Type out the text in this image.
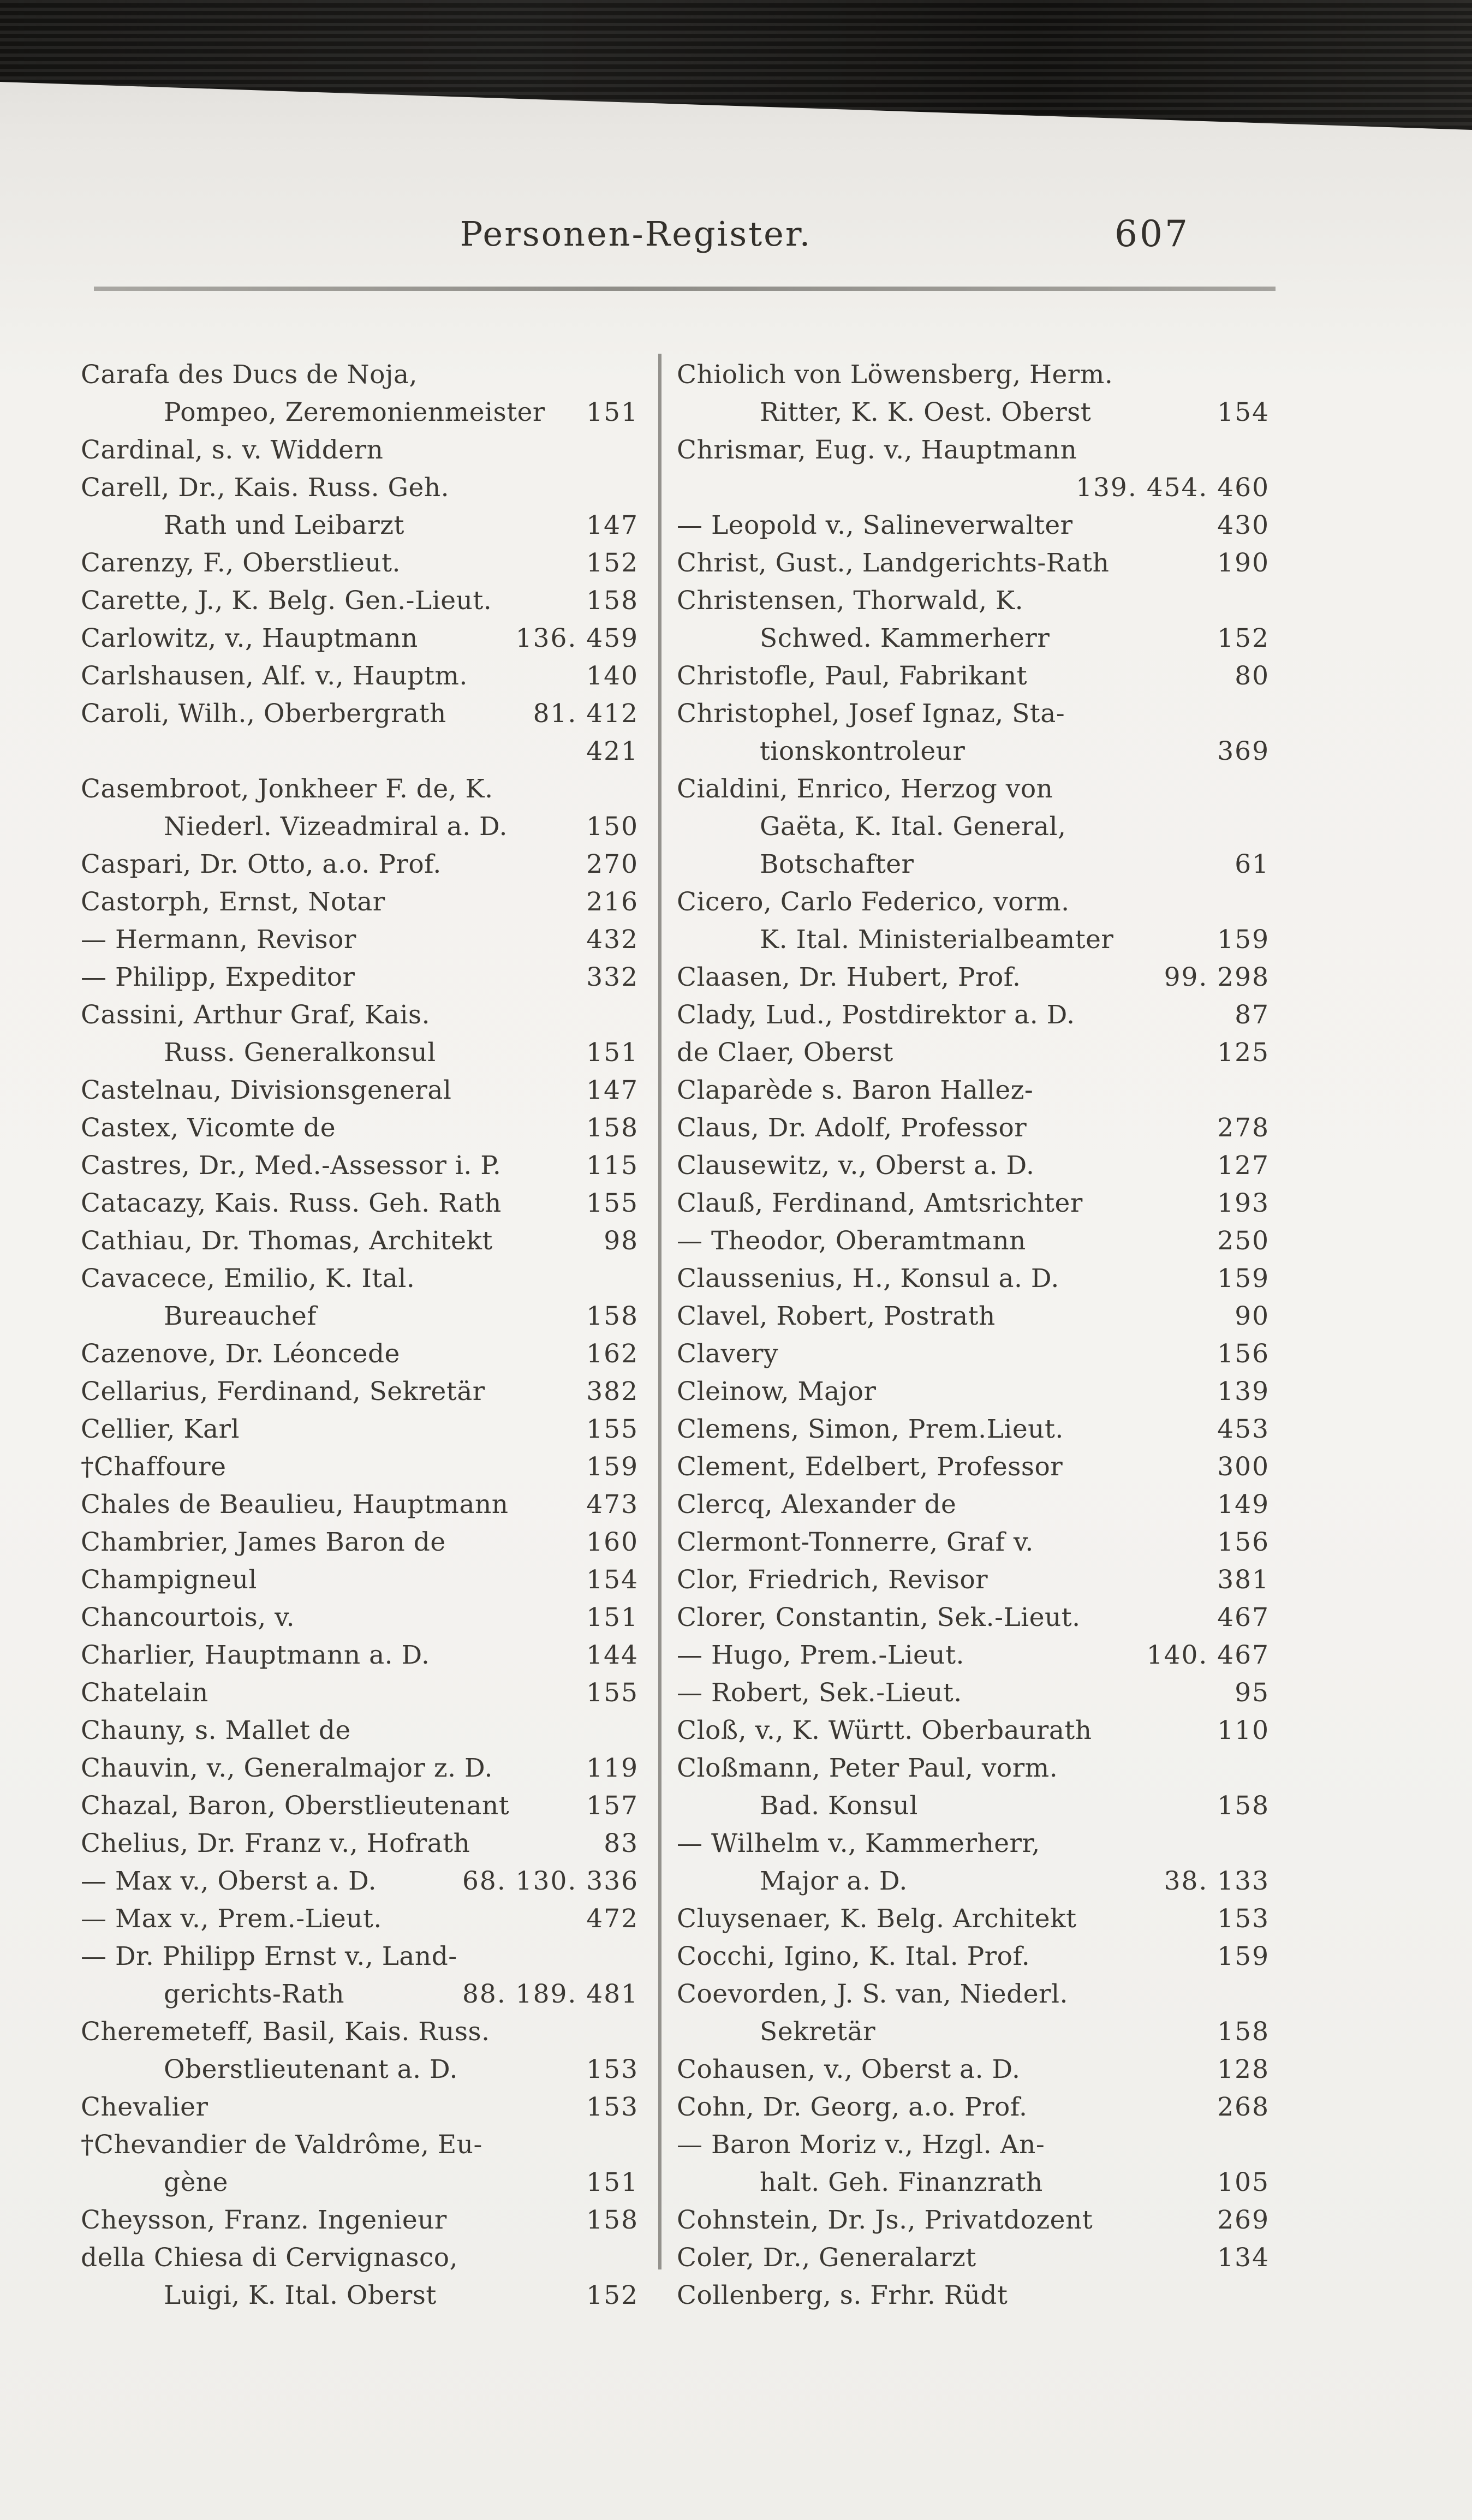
Personen-Register.	607
Carafa des Ducs de Noja,
Pompeo, Zeremonienmeister 151
Cardinal, s. v. Widdern
Carell, Dr., Kais. Russ. Geh.
Rath und Leibarzt	147
Carenzy, F., Oberstlieut.	152
Carette, J., K. Belg. Gen.-Lieut.	158
Carlowitz, v., Hauptmann	136. 459
Carlshausen, Alf. v., Hauptm.	140
Caroli, Wilh., Oberbergrath	81. 412
421
Casembroot, Jonkheer F. de, K.
Niederl. Vizeadmiral a. D.	150
Caspari, Dr. Otto, a.o. Prof.	270
Castorph, Ernst, Notar	216
— Hermann, Revisor	432
— Philipp, Expeditor	332
Cassini, Arthur Graf, Kais.
Russ. Generalkonsul	151
Castelnau, Divisionsgeneral	147
Castex, Vicomte de	158
Castres, Dr., Med.-Assessor i. P.	115
Catacazy, Kais. Russ. Geh. Rath	155
Cathiau, Dr. Thomas, Architekt	98
Cavacece, Emilio, K. Ital.
Bureauchef	158
Cazenove, Dr. Léoncede	162
Cellarius, Ferdinand, Sekretär	382
Cellier, Karl	155
†Chaffoure	159
Chales de Beaulieu, Hauptmann	473
Chambrier, James Baron de	160
Champigneul	154
Chancourtois, v.	151
Charlier, Hauptmann a. D.	144
Chatelain	155
Chauny, s. Mallet de
Chauvin, v., Generalmajor z. D.	119
Chazal, Baron, Oberstlieutenant	157
Chelius, Dr. Franz v., Hofrath	83
— Max v., Oberst a. D.	68. 130. 336
— Max v., Prem.-Lieut.	472
— Dr. Philipp Ernst v., Land-
gerichts-Rath	88. 189. 481
Cheremeteff, Basil, Kais. Russ.
Oberstlieutenant a. D.	153
Chevalier	153
†Chevandier de Valdrôme, Eu-
gène	151
Cheysson, Franz. Ingenieur	158
della Chiesa di Cervignasco,
Luigi, K. Ital. Oberst	152
Chiolich von Löwensberg, Herm.
Ritter, K. K. Oest. Oberst	154
Chrismar, Eug. v., Hauptmann
139. 454. 460
— Leopold v., Salineverwalter	430
Christ, Gust., Landgerichts-Rath	190
Christensen, Thorwald, K.
Schwed. Kammerherr	152
Christofle, Paul, Fabrikant	80
Christophel, Josef Ignaz, Sta-
tionskontroleur	369
Cialdini, Enrico, Herzog von
Gaëta, K. Ital. General,
Botschafter	61
Cicero, Carlo Federico, vorm.
K. Ital. Ministerialbeamter	159
Claasen, Dr. Hubert, Prof.	99. 298
Clady, Lud., Postdirektor a. D.	87
de Claer, Oberst	125
Claparède s. Baron Hallez-
Claus, Dr. Adolf, Professor	278
Clausewitz, v., Oberst a. D.	127
Clauß, Ferdinand, Amtsrichter	193
— Theodor, Oberamtmann	250
Claussenius, H., Konsul a. D.	159
Clavel, Robert, Postrath	90
Clavery	156
Cleinow, Major	139
Clemens, Simon, Prem.Lieut.	453
Clement, Edelbert, Professor	300
Clercq, Alexander de	149
Clermont-Tonnerre, Graf v.	156
Clor, Friedrich, Revisor	381
Clorer, Constantin, Sek.-Lieut.	467
— Hugo, Prem.-Lieut.	140. 467
— Robert, Sek.-Lieut.	95
Cloß, v., K. Württ. Oberbaurath	110
Cloßmann, Peter Paul, vorm.
Bad. Konsul	158
— Wilhelm v., Kammerherr,
Major a. D.	38. 133
Cluysenaer, K. Belg. Architekt	153
Cocchi, Igino, K. Ital. Prof.	159
Coevorden, J. S. van, Niederl.
Sekretär	158
Cohausen, v., Oberst a. D.	128
Cohn, Dr. Georg, a.o. Prof.	268
— Baron Moriz v., Hzgl. An-
halt. Geh. Finanzrath	105
Cohnstein, Dr. Js., Privatdozent	269
Coler, Dr., Generalarzt	134
Collenberg, s. Frhr. Rüdt
